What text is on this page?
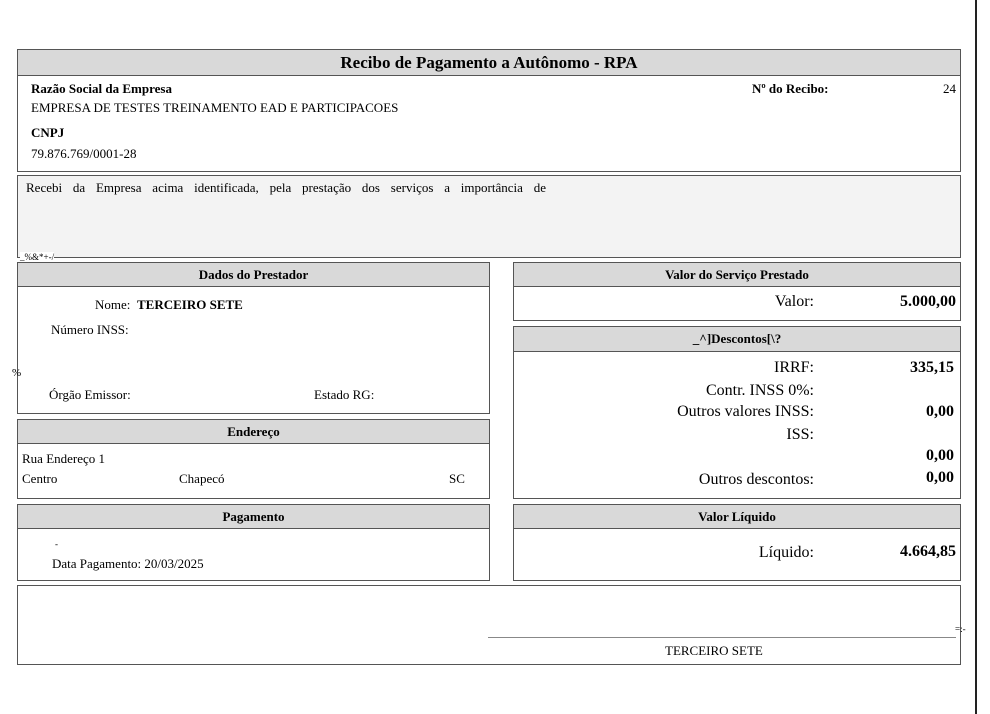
Recibo de Pagamento a Autônomo - RPA
Razão Social da Empresa
EMPRESA DE TESTES TREINAMENTO EAD E PARTICIPACOES
CNPJ
79.876.769/0001-28
Nº do Recibo:	24
Recebi da Empresa acima identificada, pela prestação dos serviços a importância de
_%&*+-/
Dados do Prestador
Nome: TERCEIRO SETE
Número INSS:
Órgão Emissor:	Estado RG:
%
Endereço
Rua Endereço 1
Centro	Chapecó	SC
Pagamento
-
Data Pagamento: 20/03/2025
Valor do Serviço Prestado
Valor:	5.000,00
_^]Descontos[\?
IRRF:	335,15
Contr. INSS 0%:
Outros valores INSS:	0,00
ISS:
0,00
Outros descontos:	0,00
Valor Líquido
Líquido:	4.664,85
TERCEIRO SETE
=:-
